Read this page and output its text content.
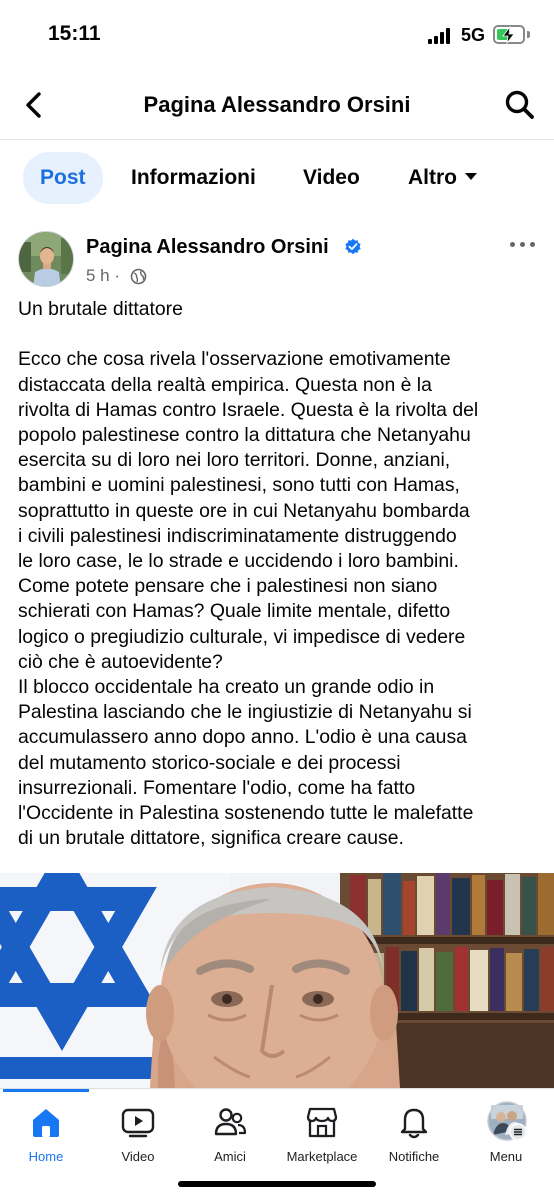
15:11	5G
Pagina Alessandro Orsini
Post	Informazioni Video Altro
Pagina Alessandro Orsini
5 h ·

Un brutale dittatore

Ecco che cosa rivela l'osservazione emotivamente

distaccata della realtà empirica. Questa non è la

rivolta di Hamas contro Israele. Questa è la rivolta del

popolo palestinese contro la dittatura che Netanyahu

esercita su di loro nei loro territori. Donne, anziani,

bambini e uomini palestinesi, sono tutti con Hamas,

soprattutto in queste ore in cui Netanyahu bombarda

i civili palestinesi indiscriminatamente distruggendo

le loro case, le lo strade e uccidendo i loro bambini.

Come potete pensare che i palestinesi non siano

schierati con Hamas? Quale limite mentale, difetto

logico o pregiudizio culturale, vi impedisce di vedere

ciò che è autoevidente?

Il blocco occidentale ha creato un grande odio in

Palestina lasciando che le ingiustizie di Netanyahu si

accumulassero anno dopo anno. L'odio è una causa

del mutamento storico-sociale e dei processi

insurrezionali. Fomentare l'odio, come ha fatto

l'Occidente in Palestina sostenendo tutte le malefatte

di un brutale dittatore, significa creare cause.

Home	Video	Amici	Marketplace	Notifiche	Menu
